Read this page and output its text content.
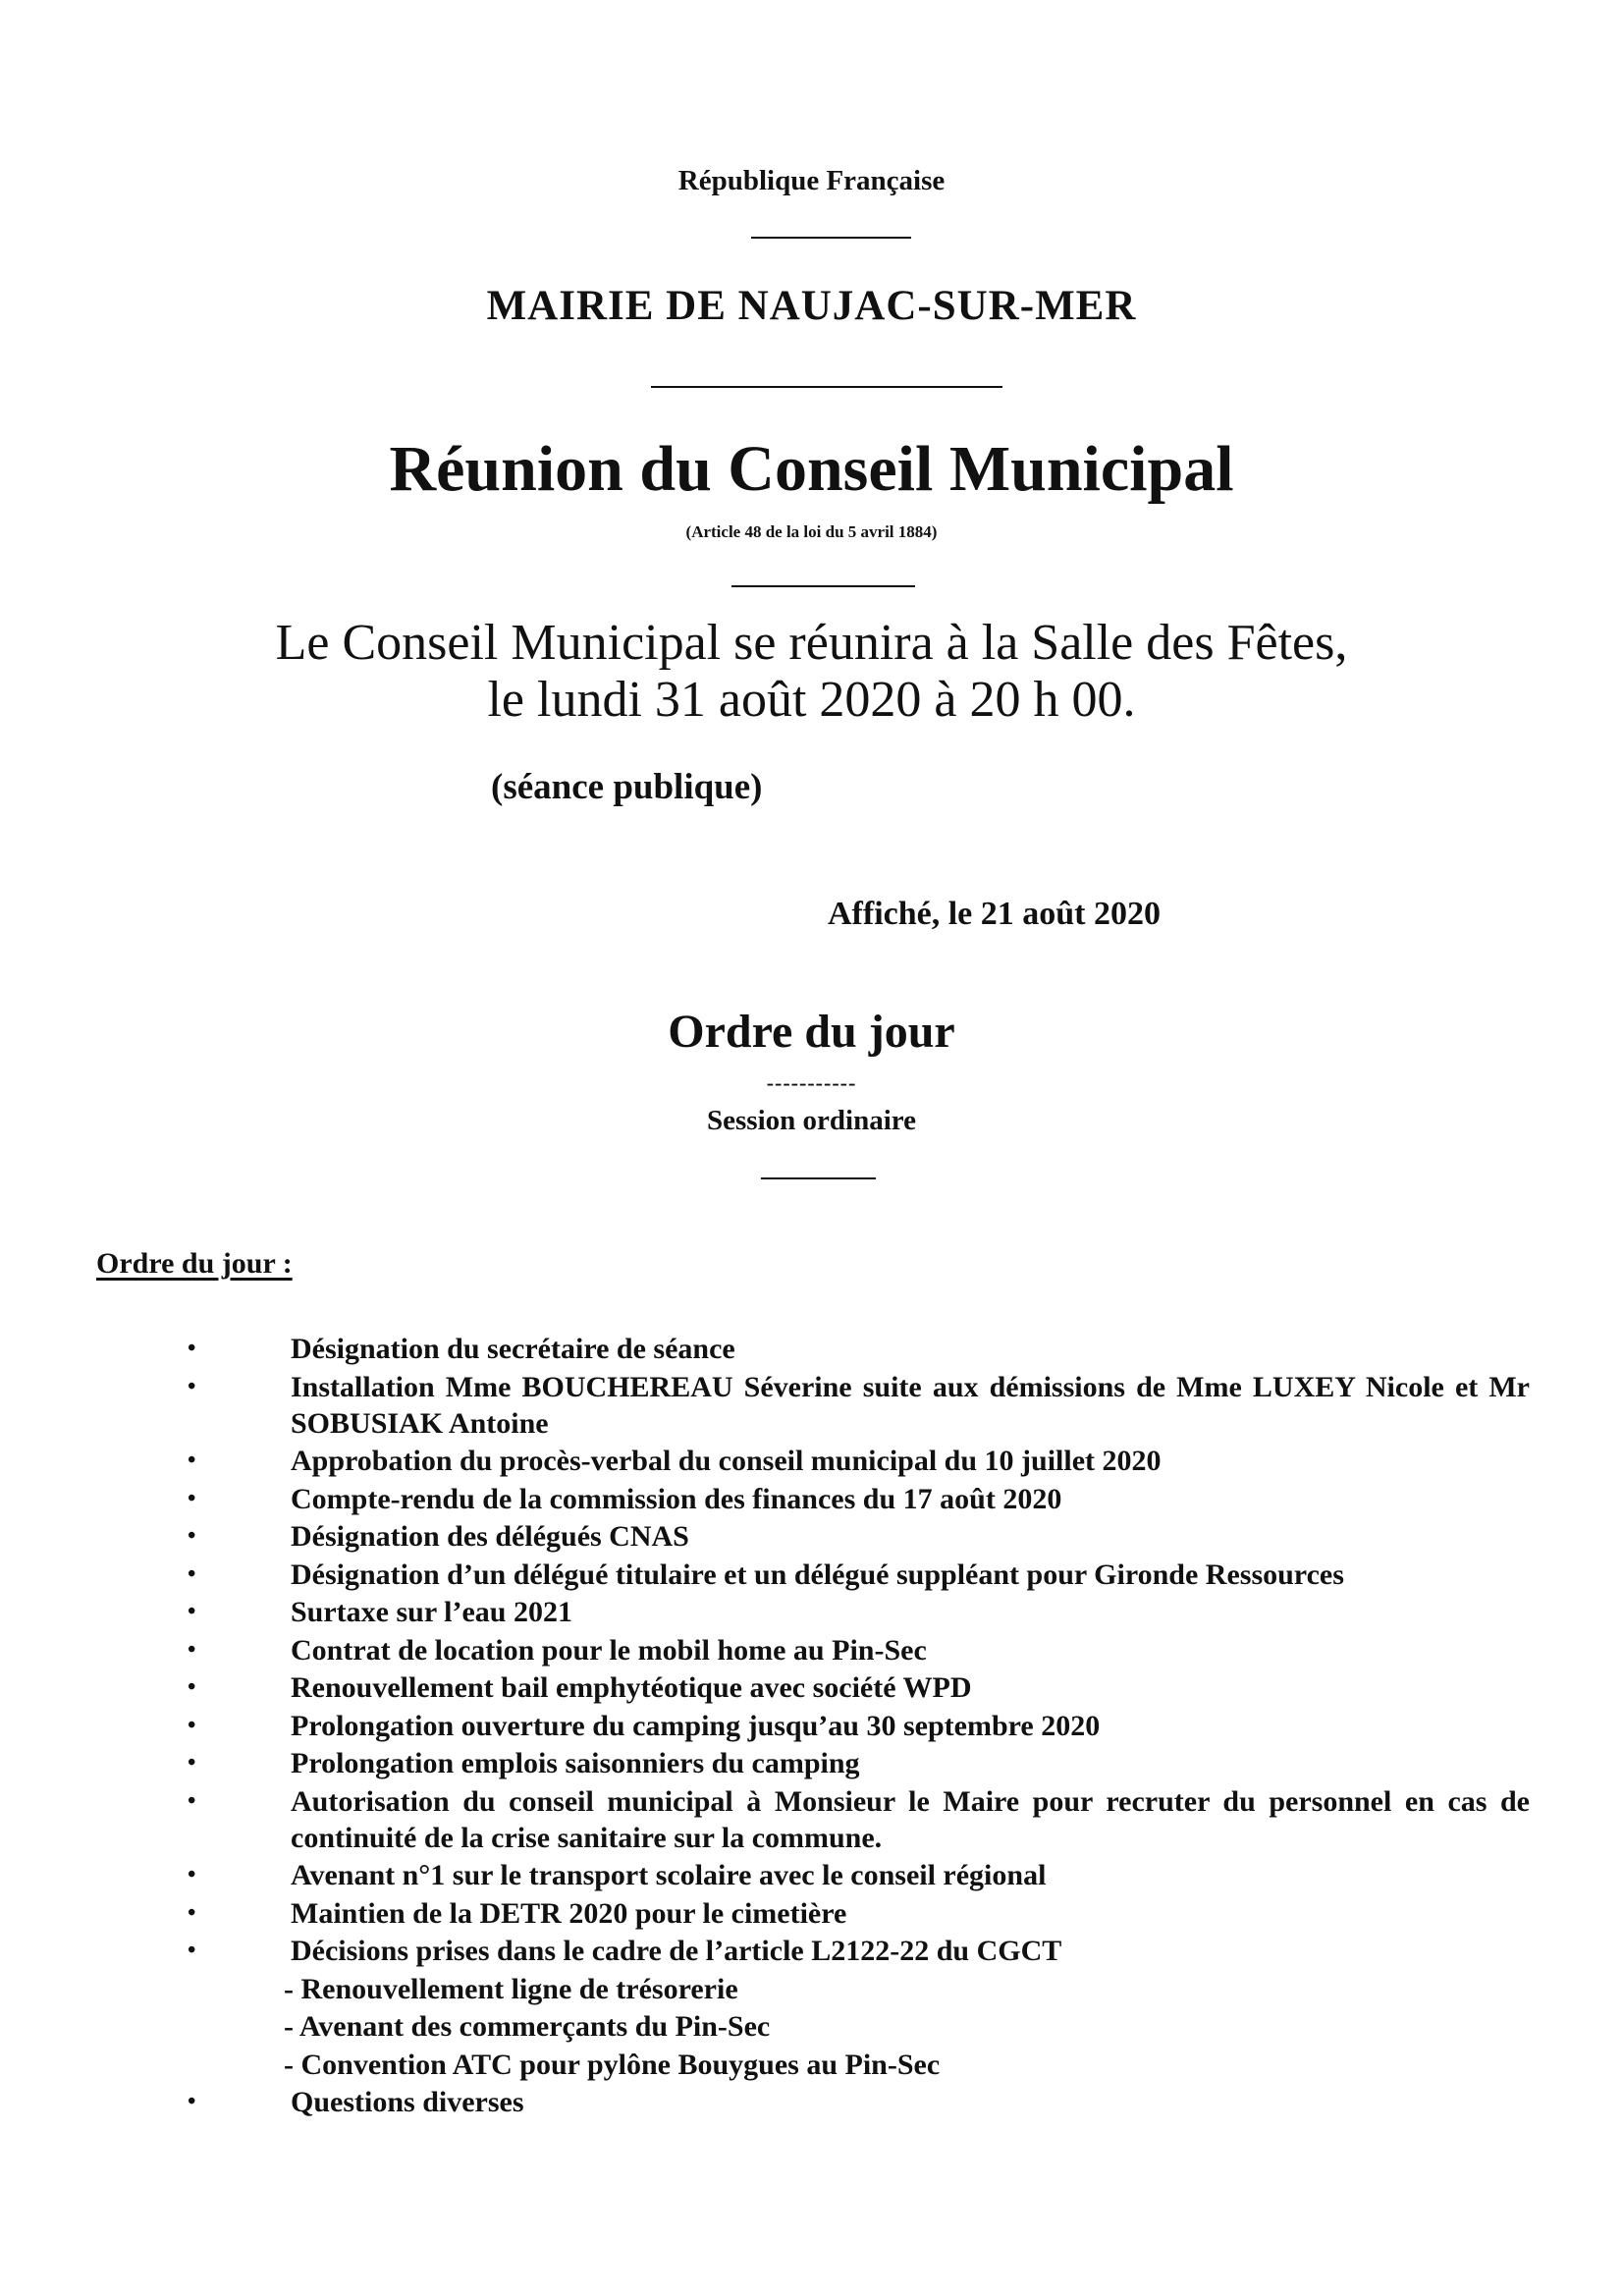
République Française
MAIRIE DE NAUJAC-SUR-MER
Réunion du Conseil Municipal
(Article 48 de la loi du 5 avril 1884)
Le Conseil Municipal se réunira à la Salle des Fêtes,
le lundi 31 août 2020 à 20 h 00.
(séance publique)
Affiché, le 21 août 2020
Ordre du jour
-----------
Session ordinaire
Ordre du jour :
•	Désignation du secrétaire de séance
•	Installation Mme BOUCHEREAU Séverine suite aux démissions de Mme LUXEY Nicole et Mr SOBUSIAK Antoine
•	Approbation du procès-verbal du conseil municipal du 10 juillet 2020
•	Compte-rendu de la commission des finances du 17 août 2020
•	Désignation des délégués CNAS
•	Désignation d’un délégué titulaire et un délégué suppléant pour Gironde Ressources
•	Surtaxe sur l’eau 2021
•	Contrat de location pour le mobil home au Pin-Sec
•	Renouvellement bail emphytéotique avec société WPD
•	Prolongation ouverture du camping jusqu’au 30 septembre 2020
•	Prolongation emplois saisonniers du camping
•	Autorisation du conseil municipal à Monsieur le Maire pour recruter du personnel en cas de continuité de la crise sanitaire sur la commune.
•	Avenant n°1 sur le transport scolaire avec le conseil régional
•	Maintien de la DETR 2020 pour le cimetière
•	Décisions prises dans le cadre de l’article L2122-22 du CGCT
- Renouvellement ligne de trésorerie
- Avenant des commerçants du Pin-Sec
- Convention ATC pour pylône Bouygues au Pin-Sec
•	Questions diverses
